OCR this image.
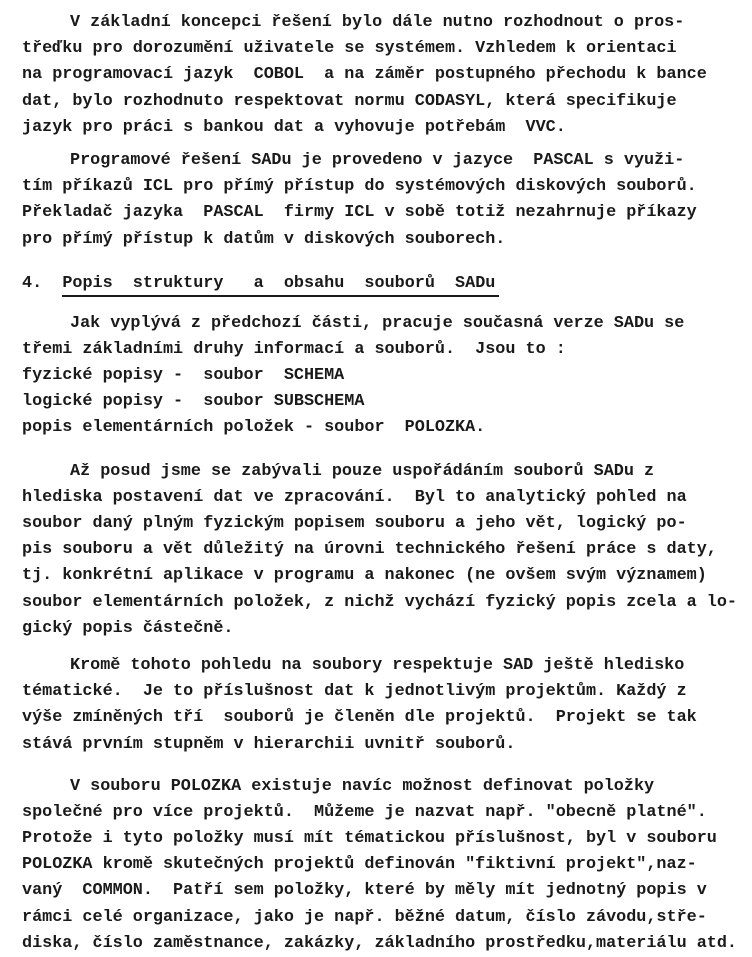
V základní koncepci řešení bylo dále nutno rozhodnout o pros-
třeďku pro dorozumění uživatele se systémem. Vzhledem k orientaci
na programovací jazyk  COBOL  a na záměr postupného přechodu k bance
dat, bylo rozhodnuto respektovat normu CODASYL, která specifikuje
jazyk pro práci s bankou dat a vyhovuje potřebám  VVC.
Programové řešení SADu je provedeno v jazyce  PASCAL s využi-
tím příkazů ICL pro přímý přístup do systémových diskových souborů.
Překladač jazyka  PASCAL  firmy ICL v sobě totiž nezahrnuje příkazy
pro přímý přístup k datům v diskových souborech.
4. Popis  struktury   a  obsahu  souborů  SADu
Jak vyplývá z předchozí části, pracuje současná verze SADu se
třemi základními druhy informací a souborů.  Jsou to :
fyzické popisy -  soubor  SCHEMA
logické popisy -  soubor SUBSCHEMA
popis elementárních položek - soubor  POLOZKA.
Až posud jsme se zabývali pouze uspořádáním souborů SADu z
hlediska postavení dat ve zpracování.  Byl to analytický pohled na
soubor daný plným fyzickým popisem souboru a jeho vět, logický po-
pis souboru a vět důležitý na úrovni technického řešení práce s daty,
tj. konkrétní aplikace v programu a nakonec (ne ovšem svým významem)
soubor elementárních položek, z nichž vychází fyzický popis zcela a lo-
gický popis částečně.
Kromě tohoto pohledu na soubory respektuje SAD ještě hledisko
tématické.  Je to příslušnost dat k jednotlivým projektům. Každý z
výše zmíněných tří  souborů je členěn dle projektů.  Projekt se tak
stává prvním stupněm v hierarchii uvnitř souborů.
V souboru POLOZKA existuje navíc možnost definovat položky
společné pro více projektů.  Můžeme je nazvat např. "obecně platné".
Protože i tyto položky musí mít tématickou příslušnost, byl v souboru
POLOZKA kromě skutečných projektů definován "fiktivní projekt",naz-
vaný  COMMON.  Patří sem položky, které by měly mít jednotný popis v
rámci celé organizace, jako je např. běžné datum, číslo závodu,stře-
diska, číslo zaměstnance, zakázky, základního prostředku,materiálu atd.
